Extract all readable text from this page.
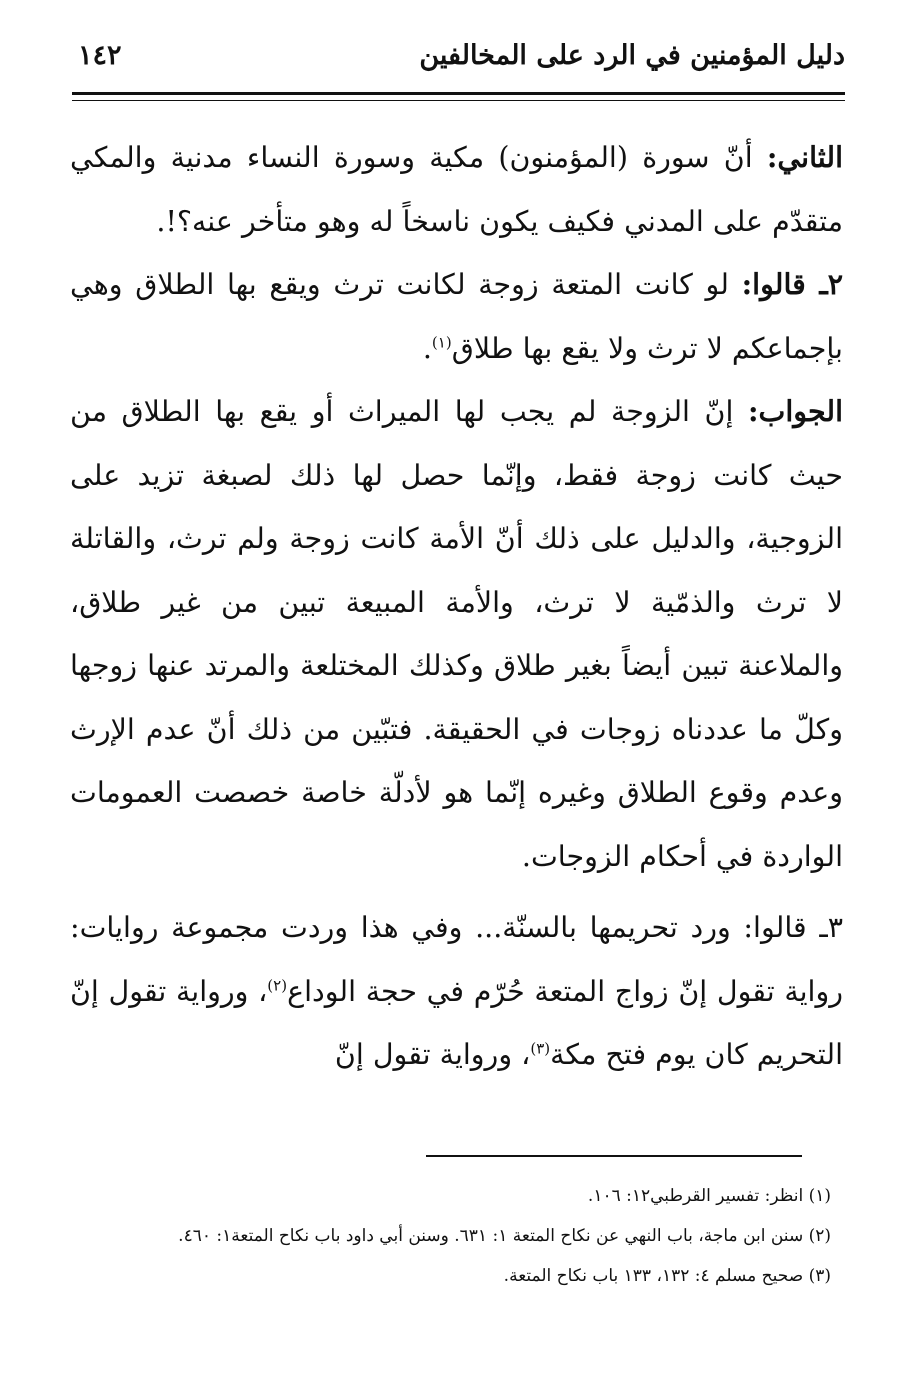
دليل المؤمنين في الرد على المخالفين
١٤٢

الثاني: أنّ سورة (المؤمنون) مكية وسورة النساء مدنية والمكي متقدّم على المدني فكيف يكون ناسخاً له وهو متأخر عنه؟!.

٢ـ قالوا: لو كانت المتعة زوجة لكانت ترث ويقع بها الطلاق وهي بإجماعكم لا ترث ولا يقع بها طلاق$^{(١)}$.

الجواب: إنّ الزوجة لم يجب لها الميراث أو يقع بها الطلاق من حيث كانت زوجة فقط، وإنّما حصل لها ذلك لصبغة تزيد على الزوجية، والدليل على ذلك أنّ الأمة كانت زوجة ولم ترث، والقاتلة لا ترث والذمّية لا ترث، والأمة المبيعة تبين من غير طلاق، والملاعنة تبين أيضاً بغير طلاق وكذلك المختلعة والمرتد عنها زوجها وكلّ ما عددناه زوجات في الحقيقة. فتبّين من ذلك أنّ عدم الإرث وعدم وقوع الطلاق وغيره إنّما هو لأدلّة خاصة خصصت العمومات الواردة في أحكام الزوجات.

٣ـ قالوا: ورد تحريمها بالسنّة... وفي هذا وردت مجموعة روايات: رواية تقول إنّ زواج المتعة حُرّم في حجة الوداع$^{(٢)}$، ورواية تقول إنّ التحريم كان يوم فتح مكة$^{(٣)}$، ورواية تقول إنّ

(١) انظر: تفسير القرطبي١٢: ١٠٦.

(٢) سنن ابن ماجة، باب النهي عن نكاح المتعة ١: ٦٣١. وسنن أبي داود باب نكاح المتعة١: ٤٦٠.

(٣) صحيح مسلم ٤: ١٣٢، ١٣٣ باب نكاح المتعة.
